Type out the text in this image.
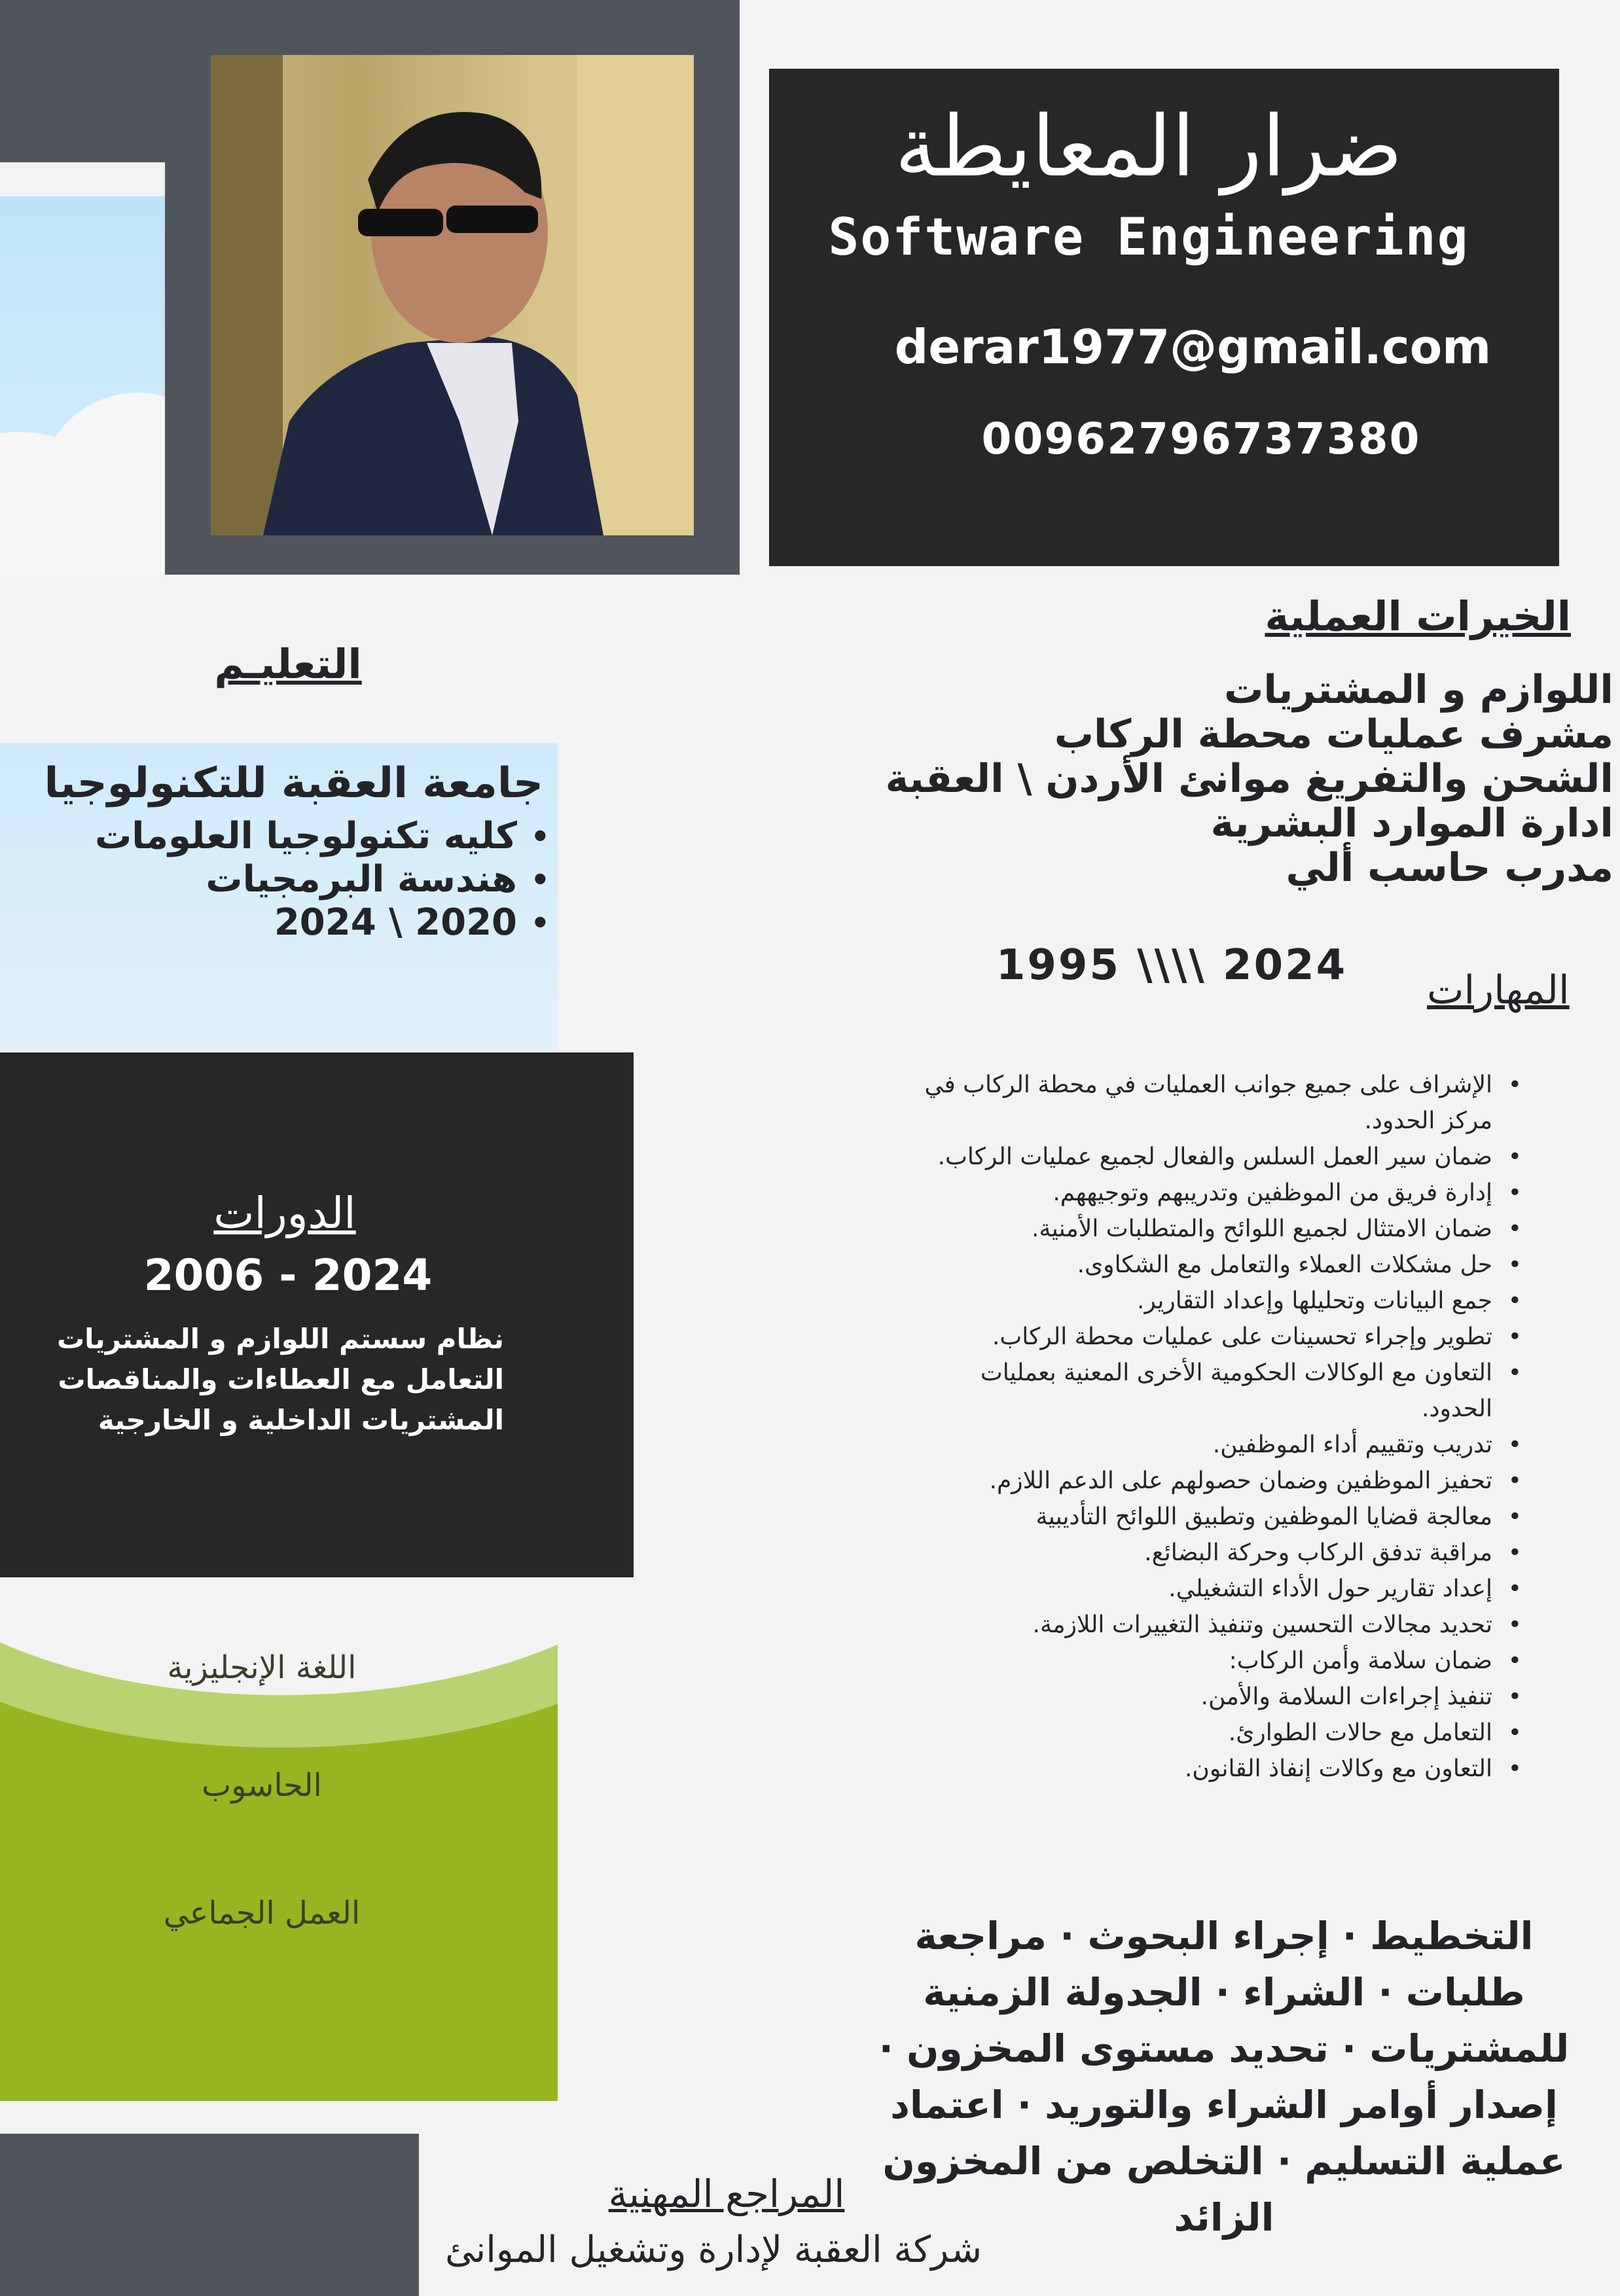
ضرار المعايطة
Software Engineering
derar1977@gmail.com
00962796737380
التعليـم
جامعة العقبة للتكنولوجيا
• كليه تكنولوجيا العلومات
• هندسة البرمجيات
• 2020 \ 2024
الدورات
2006 - 2024
نظام سستم اللوازم و المشتريات
التعامل مع العطاءات والمناقصات
المشتريات الداخلية و الخارجية
اللغة الإنجليزية
الحاسوب
العمل الجماعي
المراجع المهنية
شركة العقبة لإدارة وتشغيل الموانئ
الخيرات العملية
اللوازم و المشتريات
مشرف عمليات محطة الركاب
الشحن والتفريغ موانئ الأردن \ العقبة
ادارة الموارد البشرية
مدرب حاسب ألي
1995 \\\\ 2024
المهارات
• الإشراف على جميع جوانب العمليات في محطة الركاب في مركز الحدود.
• ضمان سير العمل السلس والفعال لجميع عمليات الركاب.
• إدارة فريق من الموظفين وتدريبهم وتوجيههم.
• ضمان الامتثال لجميع اللوائح والمتطلبات الأمنية.
• حل مشكلات العملاء والتعامل مع الشكاوى.
• جمع البيانات وتحليلها وإعداد التقارير.
• تطوير وإجراء تحسينات على عمليات محطة الركاب.
• التعاون مع الوكالات الحكومية الأخرى المعنية بعمليات الحدود.
• تدريب وتقييم أداء الموظفين.
• تحفيز الموظفين وضمان حصولهم على الدعم اللازم.
• معالجة قضايا الموظفين وتطبيق اللوائح التأديبية
• مراقبة تدفق الركاب وحركة البضائع.
• إعداد تقارير حول الأداء التشغيلي.
• تحديد مجالات التحسين وتنفيذ التغييرات اللازمة.
• ضمان سلامة وأمن الركاب:
• تنفيذ إجراءات السلامة والأمن.
• التعامل مع حالات الطوارئ.
• التعاون مع وكالات إنفاذ القانون.
التخطيط · إجراء البحوث · مراجعة طلبات · الشراء · الجدولة الزمنية للمشتريات · تحديد مستوى المخزون · إصدار أوامر الشراء والتوريد · اعتماد عملية التسليم · التخلص من المخزون الزائد
